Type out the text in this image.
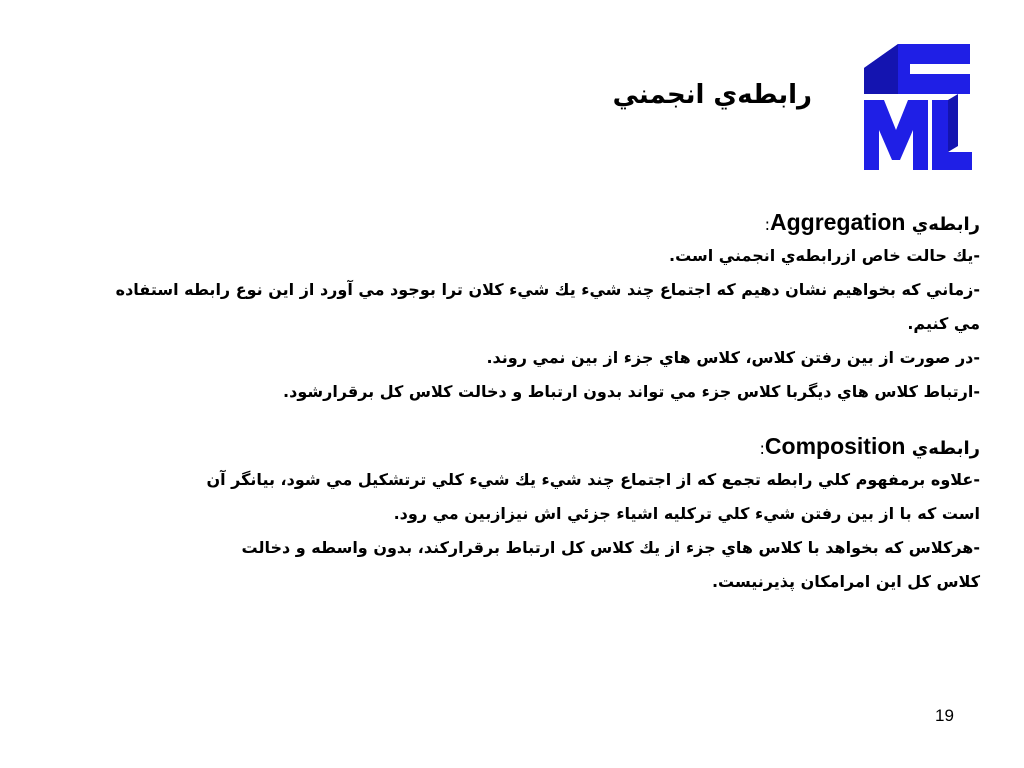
رابطه‌ي انجمني
رابطه‌ي Aggregation:
-يك حالت خاص ازرابطه‌ي انجمني است.
-زماني كه بخواهيم نشان دهيم كه اجتماع چند شيء يك شيء كلان ترا بوجود مي آورد از اين نوع رابطه استفاده
مي كنيم.
-در صورت از بين رفتن كلاس، كلاس هاي جزء از بين نمي روند.
-ارتباط كلاس هاي ديگربا كلاس جزء مي تواند بدون ارتباط و دخالت كلاس كل برقرارشود.
رابطه‌ي Composition:
-علاوه برمفهوم كلي رابطه تجمع كه از اجتماع چند شيء يك شيء كلي ترتشكيل مي شود، بيانگر آن
است كه با از بين رفتن شيء كلي تركليه اشياء جزئي اش نيزازبين مي رود.
-هركلاس كه بخواهد با كلاس هاي جزء از يك كلاس كل ارتباط برقراركند، بدون واسطه و دخالت
كلاس كل اين امرامكان پذيرنيست.
19
